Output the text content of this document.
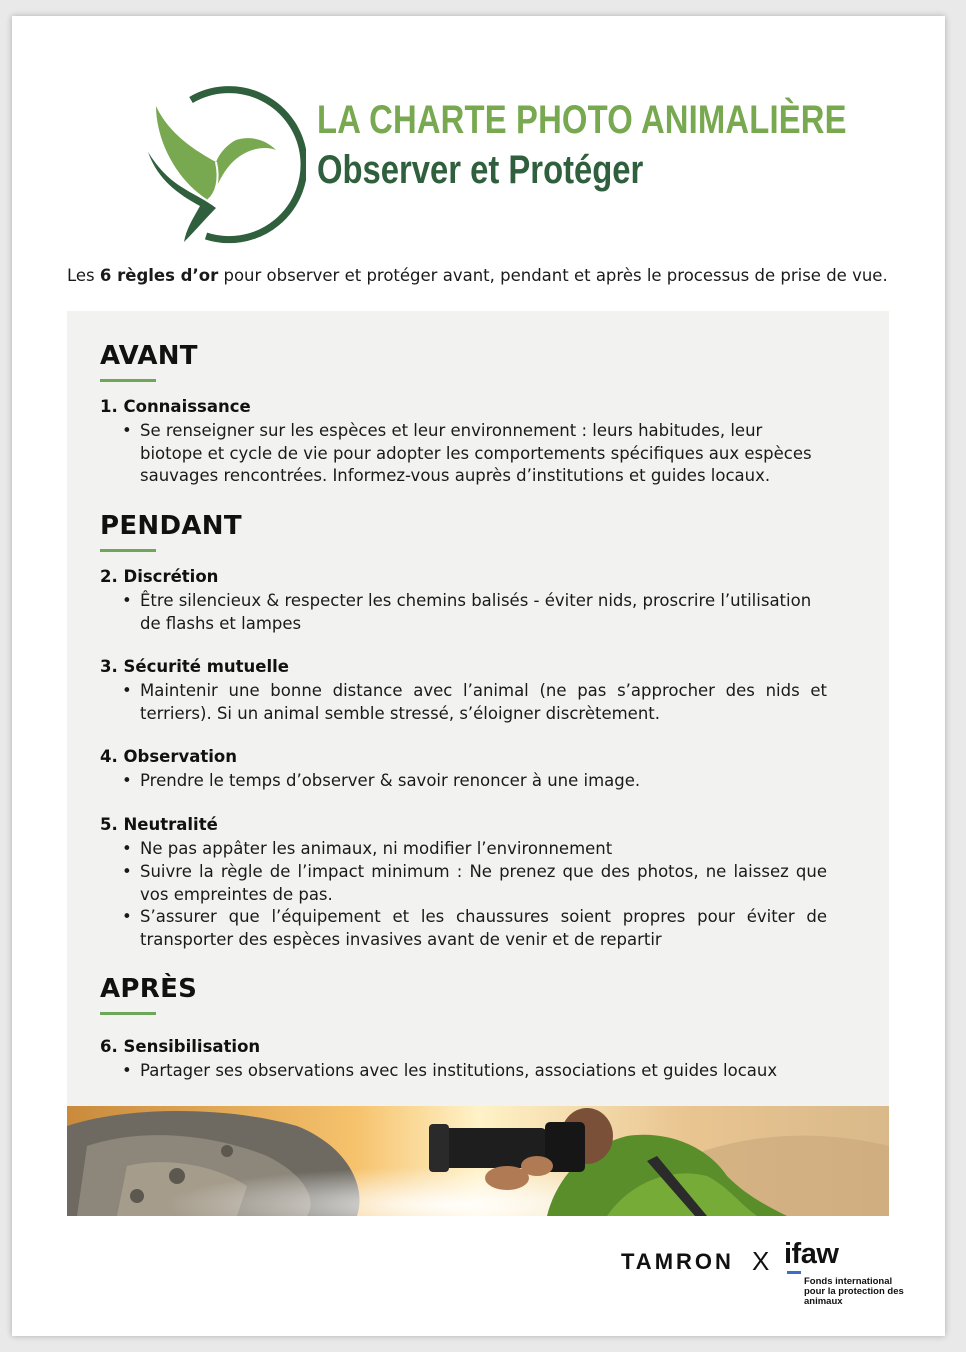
LA CHARTE PHOTO ANIMALIÈRE
Observer et Protéger
Les 6 règles d’or pour observer et protéger avant, pendant et après le processus de prise de vue.
AVANT
1. Connaissance
• Se renseigner sur les espèces et leur environnement : leurs habitudes, leur biotope et cycle de vie pour adopter les comportements spécifiques aux espèces sauvages rencontrées. Informez-vous auprès d’institutions et guides locaux.
PENDANT
2. Discrétion
• Être silencieux & respecter les chemins balisés - éviter nids, proscrire l’utilisation de flashs et lampes
3. Sécurité mutuelle
• Maintenir une bonne distance avec l’animal (ne pas s’approcher des nids et terriers). Si un animal semble stressé, s’éloigner discrètement.
4. Observation
• Prendre le temps d’observer & savoir renoncer à une image.
5. Neutralité
• Ne pas appâter les animaux, ni modifier l’environnement
• Suivre la règle de l’impact minimum : Ne prenez que des photos, ne laissez que vos empreintes de pas.
• S’assurer que l’équipement et les chaussures soient propres pour éviter de transporter des espèces invasives avant de venir et de repartir
APRÈS
6. Sensibilisation
• Partager ses observations avec les institutions, associations et guides locaux
TAMRON X ifaw
Fonds international pour la protection des animaux
